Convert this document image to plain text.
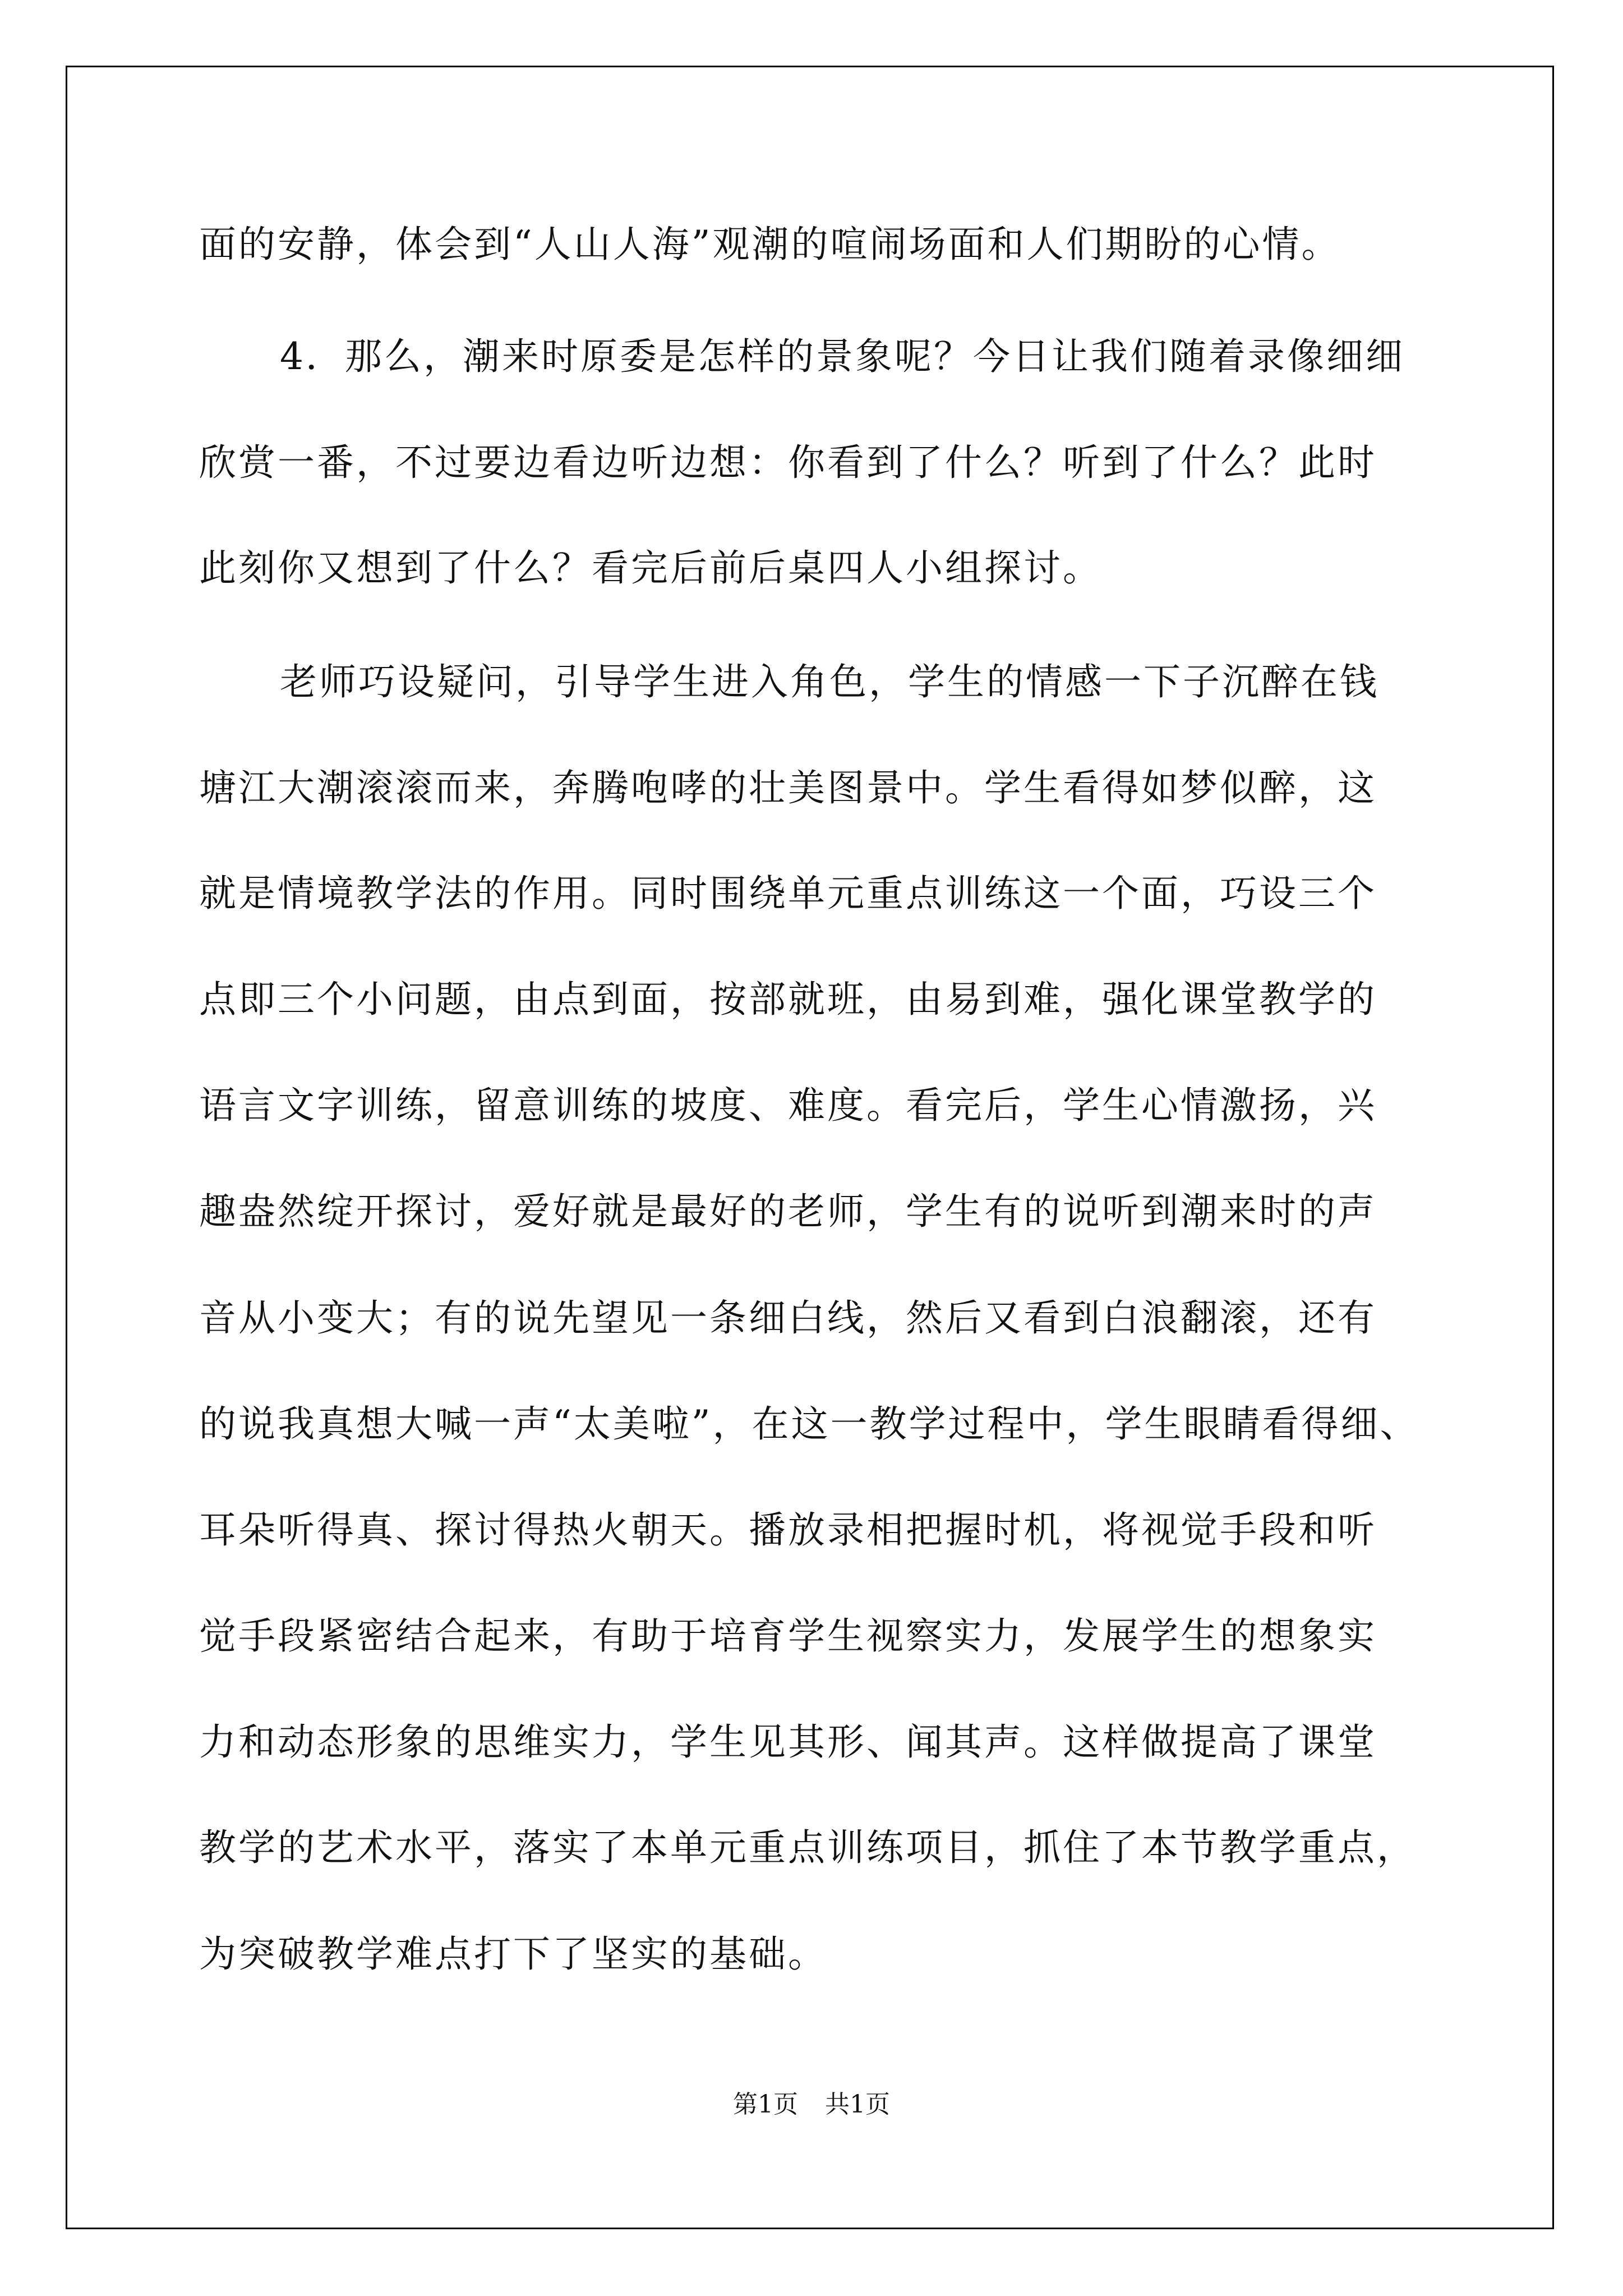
面的安静，体会到“人山人海”观潮的喧闹场面和人们期盼的心情。
4．那么，潮来时原委是怎样的景象呢？今日让我们随着录像细细
欣赏一番，不过要边看边听边想：你看到了什么？听到了什么？此时
此刻你又想到了什么？看完后前后桌四人小组探讨。
老师巧设疑问，引导学生进入角色，学生的情感一下子沉醉在钱
塘江大潮滚滚而来，奔腾咆哮的壮美图景中。学生看得如梦似醉，这
就是情境教学法的作用。同时围绕单元重点训练这一个面，巧设三个
点即三个小问题，由点到面，按部就班，由易到难，强化课堂教学的
语言文字训练，留意训练的坡度、难度。看完后，学生心情激扬，兴
趣盎然绽开探讨，爱好就是最好的老师，学生有的说听到潮来时的声
音从小变大；有的说先望见一条细白线，然后又看到白浪翻滚，还有
的说我真想大喊一声“太美啦”，在这一教学过程中，学生眼睛看得细、
耳朵听得真、探讨得热火朝天。播放录相把握时机，将视觉手段和听
觉手段紧密结合起来，有助于培育学生视察实力，发展学生的想象实
力和动态形象的思维实力，学生见其形、闻其声。这样做提高了课堂
教学的艺术水平，落实了本单元重点训练项目，抓住了本节教学重点，
为突破教学难点打下了坚实的基础。
第1页 共1页
